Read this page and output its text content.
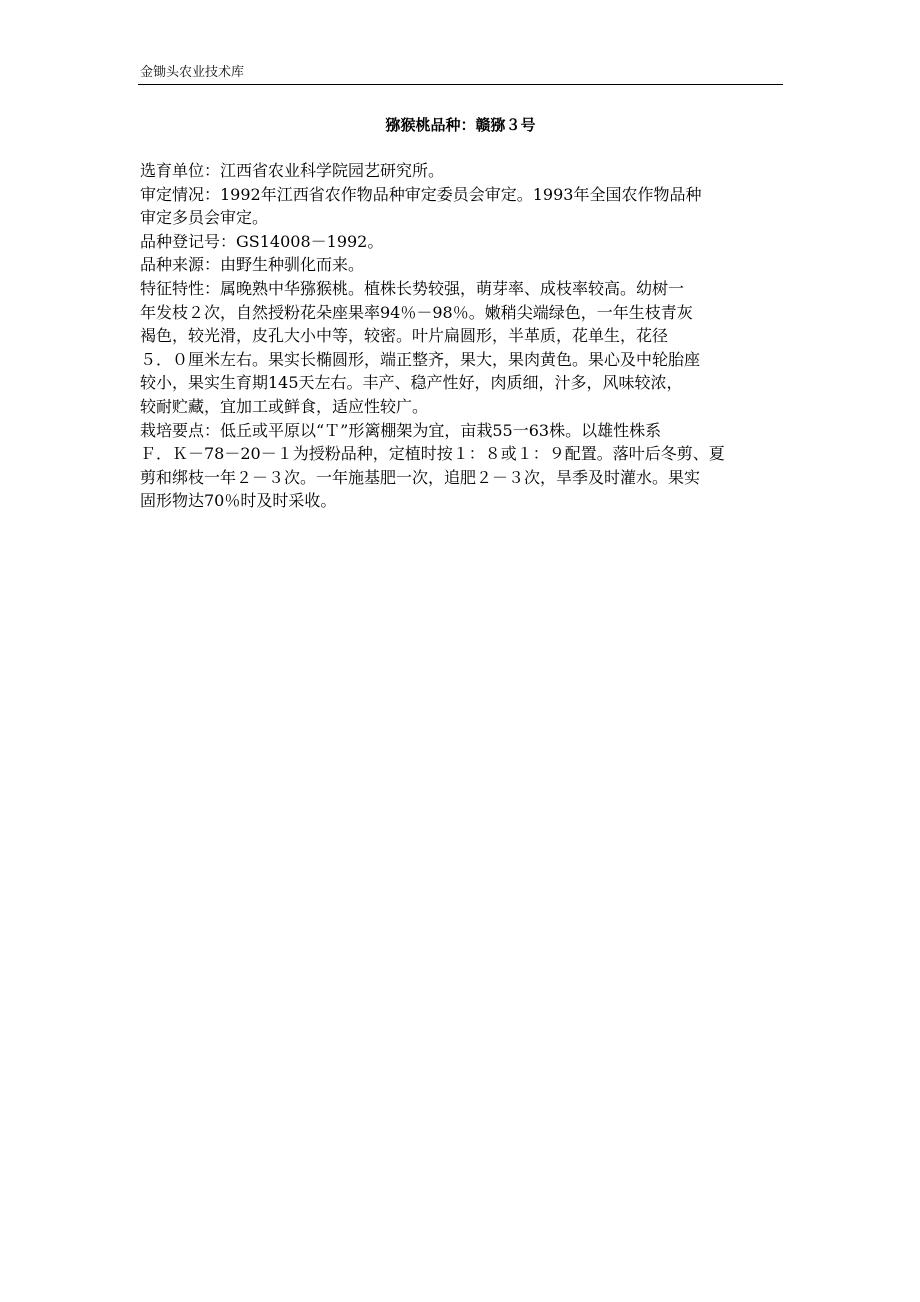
金锄头农业技术库
猕猴桃品种：赣猕３号
选育单位：江西省农业科学院园艺研究所。
审定情况：1992年江西省农作物品种审定委员会审定。1993年全国农作物品种
审定多员会审定。
品种登记号：GS14008－1992。
品种来源：由野生种驯化而来。
特征特性：属晚熟中华猕猴桃。植株长势较强，萌芽率、成枝率较高。幼树一
年发枝２次，自然授粉花朵座果率94％－98％。嫩稍尖端绿色，一年生枝青灰
褐色，较光滑，皮孔大小中等，较密。叶片扁圆形，半革质，花单生，花径
５．０厘米左右。果实长椭圆形，端正整齐，果大，果肉黄色。果心及中轮胎座
较小，果实生育期145天左右。丰产、稳产性好，肉质细，汁多，风味较浓，
较耐贮藏，宜加工或鲜食，适应性较广。
栽培要点：低丘或平原以“Ｔ”形篱棚架为宜，亩栽55一63株。以雄性株系
Ｆ．Ｋ－78－20－１为授粉品种，定植时按１：８或１：９配置。落叶后冬剪、夏
剪和绑枝一年２－３次。一年施基肥一次，追肥２－３次，旱季及时灌水。果实
固形物达70％时及时采收。
